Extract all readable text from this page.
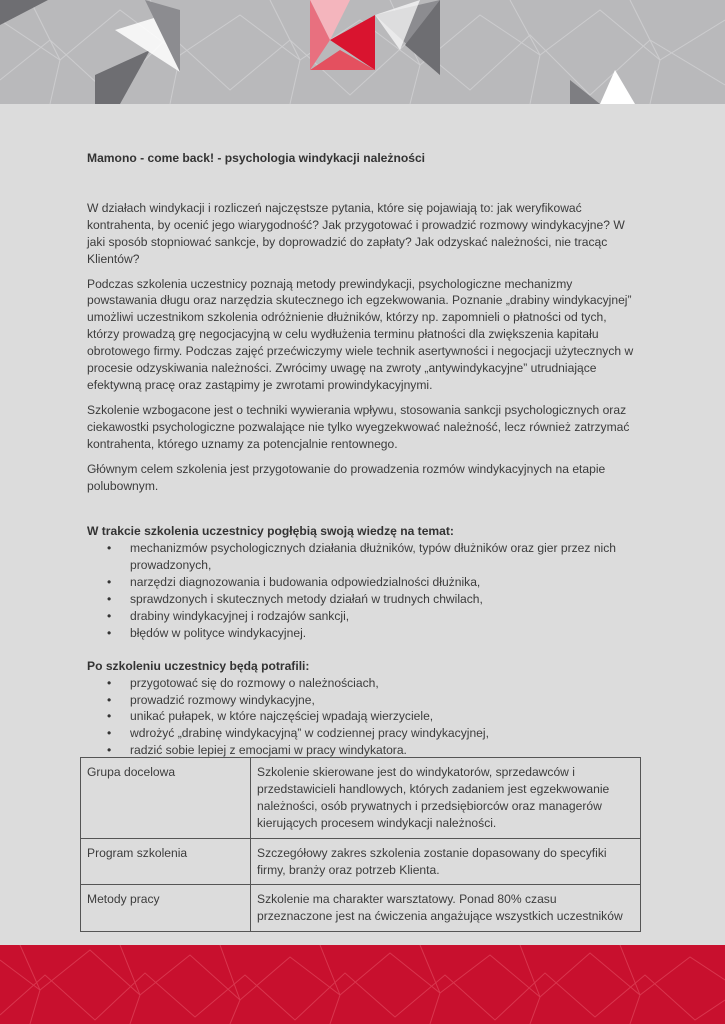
Mamono - come back! - psychologia windykacji należności

W działach windykacji i rozliczeń najczęstsze pytania, które się pojawiają to: jak weryfikować kontrahenta, by ocenić jego wiarygodność? Jak przygotować i prowadzić rozmowy windykacyjne? W jaki sposób stopniować sankcje, by doprowadzić do zapłaty? Jak odzyskać należności, nie tracąc Klientów?

Podczas szkolenia uczestnicy poznają metody prewindykacji, psychologiczne mechanizmy powstawania długu oraz narzędzia skutecznego ich egzekwowania. Poznanie „drabiny windykacyjnej” umożliwi uczestnikom szkolenia odróżnienie dłużników, którzy np. zapomnieli o płatności od tych, którzy prowadzą grę negocjacyjną w celu wydłużenia terminu płatności dla zwiększenia kapitału obrotowego firmy. Podczas zajęć przećwiczymy wiele technik asertywności i negocjacji użytecznych w procesie odzyskiwania należności. Zwrócimy uwagę na zwroty „antywindykacyjne” utrudniające efektywną pracę oraz zastąpimy je zwrotami prowindykacyjnymi.

Szkolenie wzbogacone jest o techniki wywierania wpływu, stosowania sankcji psychologicznych oraz ciekawostki psychologiczne pozwalające nie tylko wyegzekwować należność, lecz również zatrzymać kontrahenta, którego uznamy za potencjalnie rentownego.

Głównym celem szkolenia jest przygotowanie do prowadzenia rozmów windykacyjnych na etapie polubownym.

W trakcie szkolenia uczestnicy pogłębią swoją wiedzę na temat:
• mechanizmów psychologicznych działania dłużników, typów dłużników oraz gier przez nich prowadzonych,
• narzędzi diagnozowania i budowania odpowiedzialności dłużnika,
• sprawdzonych i skutecznych metody działań w trudnych chwilach,
• drabiny windykacyjnej i rodzajów sankcji,
• błędów w polityce windykacyjnej.
Po szkoleniu uczestnicy będą potrafili:
• przygotować się do rozmowy o należnościach,
• prowadzić rozmowy windykacyjne,
• unikać pułapek, w które najczęściej wpadają wierzyciele,
• wdrożyć „drabinę windykacyjną” w codziennej pracy windykacyjnej,
• radzić sobie lepiej z emocjami w pracy windykatora.
Grupa docelowa	Szkolenie skierowane jest do windykatorów, sprzedawców i przedstawicieli handlowych, których zadaniem jest egzekwowanie należności, osób prywatnych i przedsiębiorców oraz managerów kierujących procesem windykacji należności.
Program szkolenia	Szczegółowy zakres szkolenia zostanie dopasowany do specyfiki firmy, branży oraz potrzeb Klienta.
Metody pracy	Szkolenie ma charakter warsztatowy. Ponad 80% czasu przeznaczone jest na ćwiczenia angażujące wszystkich uczestników
